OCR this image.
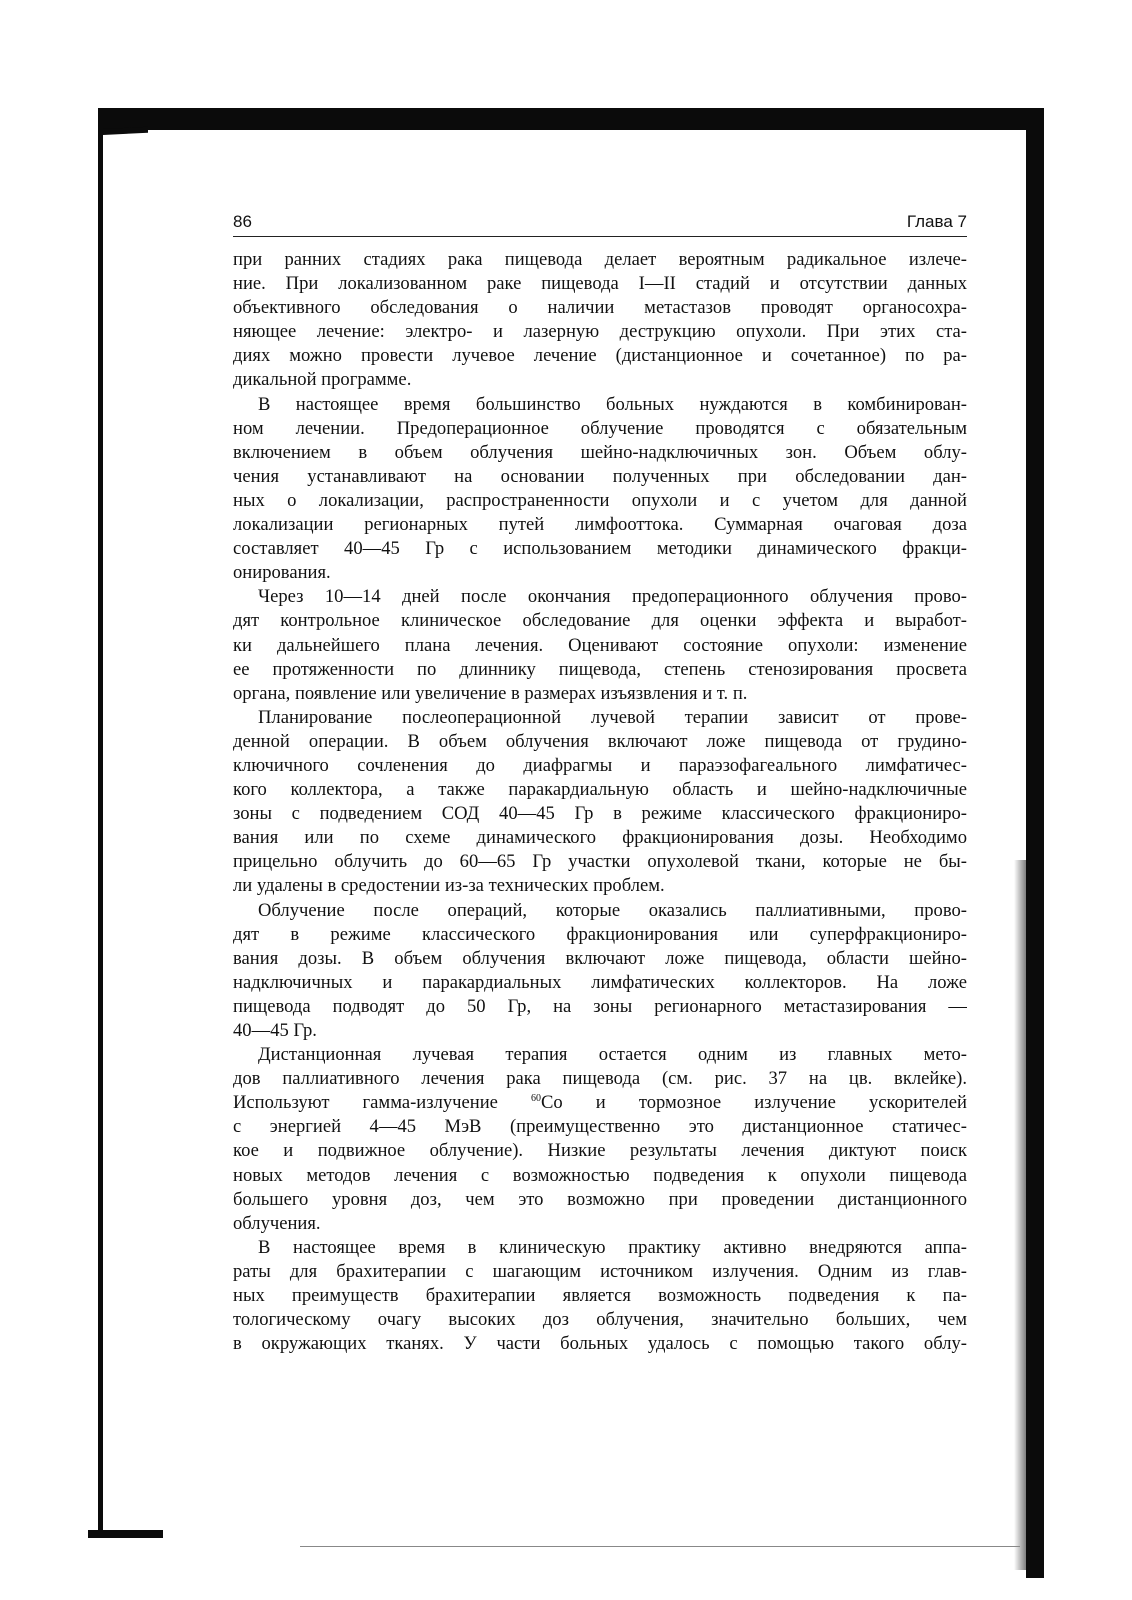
86	Глава 7

при ранних стадиях рака пищевода делает вероятным радикальное излече-
ние. При локализованном раке пищевода I—II стадий и отсутствии данных
объективного обследования о наличии метастазов проводят органосохра-
няющее лечение: электро- и лазерную деструкцию опухоли. При этих ста-
диях можно провести лучевое лечение (дистанционное и сочетанное) по ра-
дикальной программе.

В настоящее время большинство больных нуждаются в комбинирован-
ном лечении. Предоперационное облучение проводятся с обязательным
включением в объем облучения шейно-надключичных зон. Объем облу-
чения устанавливают на основании полученных при обследовании дан-
ных о локализации, распространенности опухоли и с учетом для данной
локализации регионарных путей лимфооттока. Суммарная очаговая доза
составляет 40—45 Гр с использованием методики динамического фракци-
онирования.

Через 10—14 дней после окончания предоперационного облучения прово-
дят контрольное клиническое обследование для оценки эффекта и выработ-
ки дальнейшего плана лечения. Оценивают состояние опухоли: изменение
ее протяженности по длиннику пищевода, степень стенозирования просвета
органа, появление или увеличение в размерах изъязвления и т. п.

Планирование послеоперационной лучевой терапии зависит от прове-
денной операции. В объем облучения включают ложе пищевода от грудино-
ключичного сочленения до диафрагмы и параэзофагеального лимфатичес-
кого коллектора, а также паракардиальную область и шейно-надключичные
зоны с подведением СОД 40—45 Гр в режиме классического фракциониро-
вания или по схеме динамического фракционирования дозы. Необходимо
прицельно облучить до 60—65 Гр участки опухолевой ткани, которые не бы-
ли удалены в средостении из-за технических проблем.

Облучение после операций, которые оказались паллиативными, прово-
дят в режиме классического фракционирования или суперфракциониро-
вания дозы. В объем облучения включают ложе пищевода, области шейно-
надключичных и паракардиальных лимфатических коллекторов. На ложе
пищевода подводят до 50 Гр, на зоны регионарного метастазирования —
40—45 Гр.

Дистанционная лучевая терапия остается одним из главных мето-
дов паллиативного лечения рака пищевода (см. рис. 37 на цв. вклейке).
Используют гамма-излучение $^{60}$Со и тормозное излучение ускорителей
с энергией 4—45 МэВ (преимущественно это дистанционное статичес-
кое и подвижное облучение). Низкие результаты лечения диктуют поиск
новых методов лечения с возможностью подведения к опухоли пищевода
большего уровня доз, чем это возможно при проведении дистанционного
облучения.

В настоящее время в клиническую практику активно внедряются аппа-
раты для брахитерапии с шагающим источником излучения. Одним из глав-
ных преимуществ брахитерапии является возможность подведения к па-
тологическому очагу высоких доз облучения, значительно больших, чем
в окружающих тканях. У части больных удалось с помощью такого облу-
